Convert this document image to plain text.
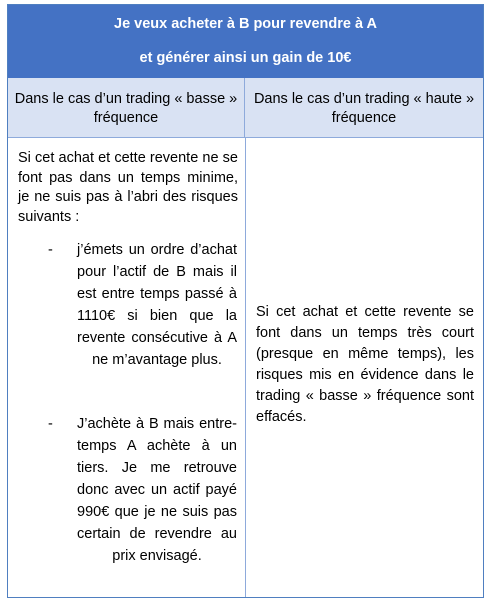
Je veux acheter à B pour revendre à A
et générer ainsi un gain de 10€
Dans le cas d’un trading « basse » fréquence
Dans le cas d’un trading « haute » fréquence
Si cet achat et cette revente ne se font pas dans un temps minime, je ne suis pas à l’abri des risques suivants :
-	j’émets un ordre d’achat pour l’actif de B mais il est entre temps passé à 1110€ si bien que la revente consécutive à A ne m’avantage plus.
-	J’achète à B mais entre-temps A achète à un tiers. Je me retrouve donc avec un actif payé 990€ que je ne suis pas certain de revendre au prix envisagé.
Si cet achat et cette revente se font dans un temps très court (presque en même temps), les risques mis en évidence dans le trading « basse » fréquence sont effacés.
